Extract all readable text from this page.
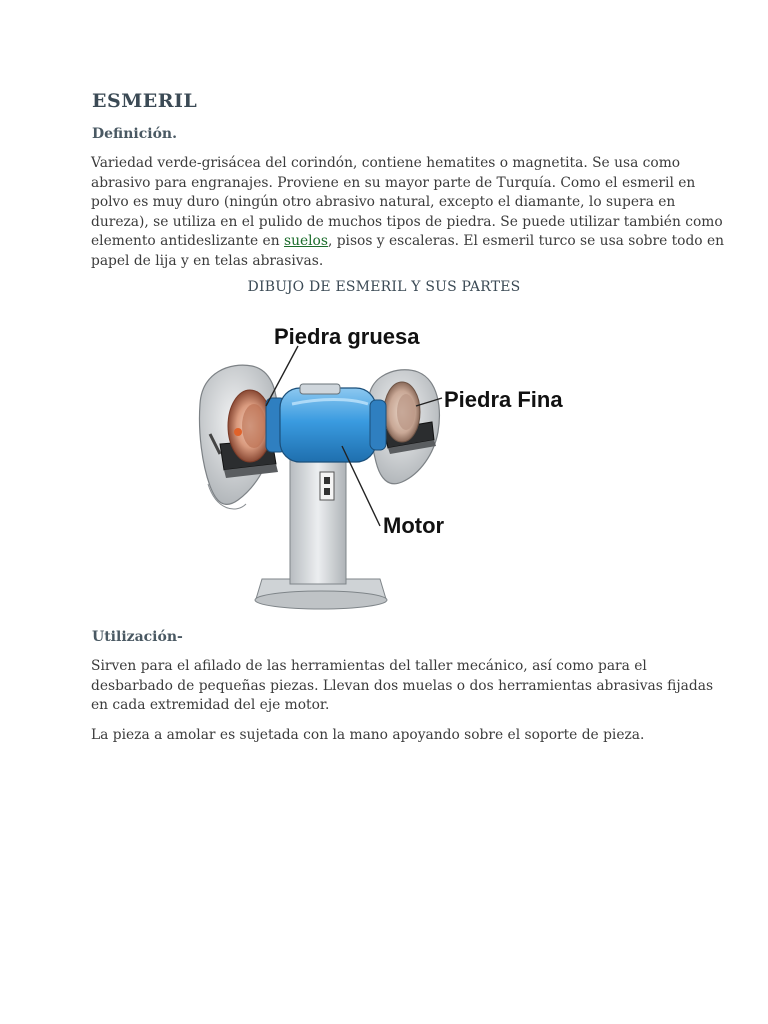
ESMERIL
Definición.

Variedad verde-grisácea del corindón, contiene hematites o magnetita. Se usa como
abrasivo para engranajes. Proviene en su mayor parte de Turquía. Como el esmeril en
polvo es muy duro (ningún otro abrasivo natural, excepto el diamante, lo supera en
dureza), se utiliza en el pulido de muchos tipos de piedra. Se puede utilizar también como
elemento antideslizante en suelos, pisos y escaleras. El esmeril turco se usa sobre todo en
papel de lija y en telas abrasivas.

DIBUJO DE ESMERIL Y SUS PARTES

Piedra gruesa
Piedra Fina
Motor
Utilización-

Sirven para el afilado de las herramientas del taller mecánico, así como para el
desbarbado de pequeñas piezas. Llevan dos muelas o dos herramientas abrasivas fijadas
en cada extremidad del eje motor.

La pieza a amolar es sujetada con la mano apoyando sobre el soporte de pieza.
